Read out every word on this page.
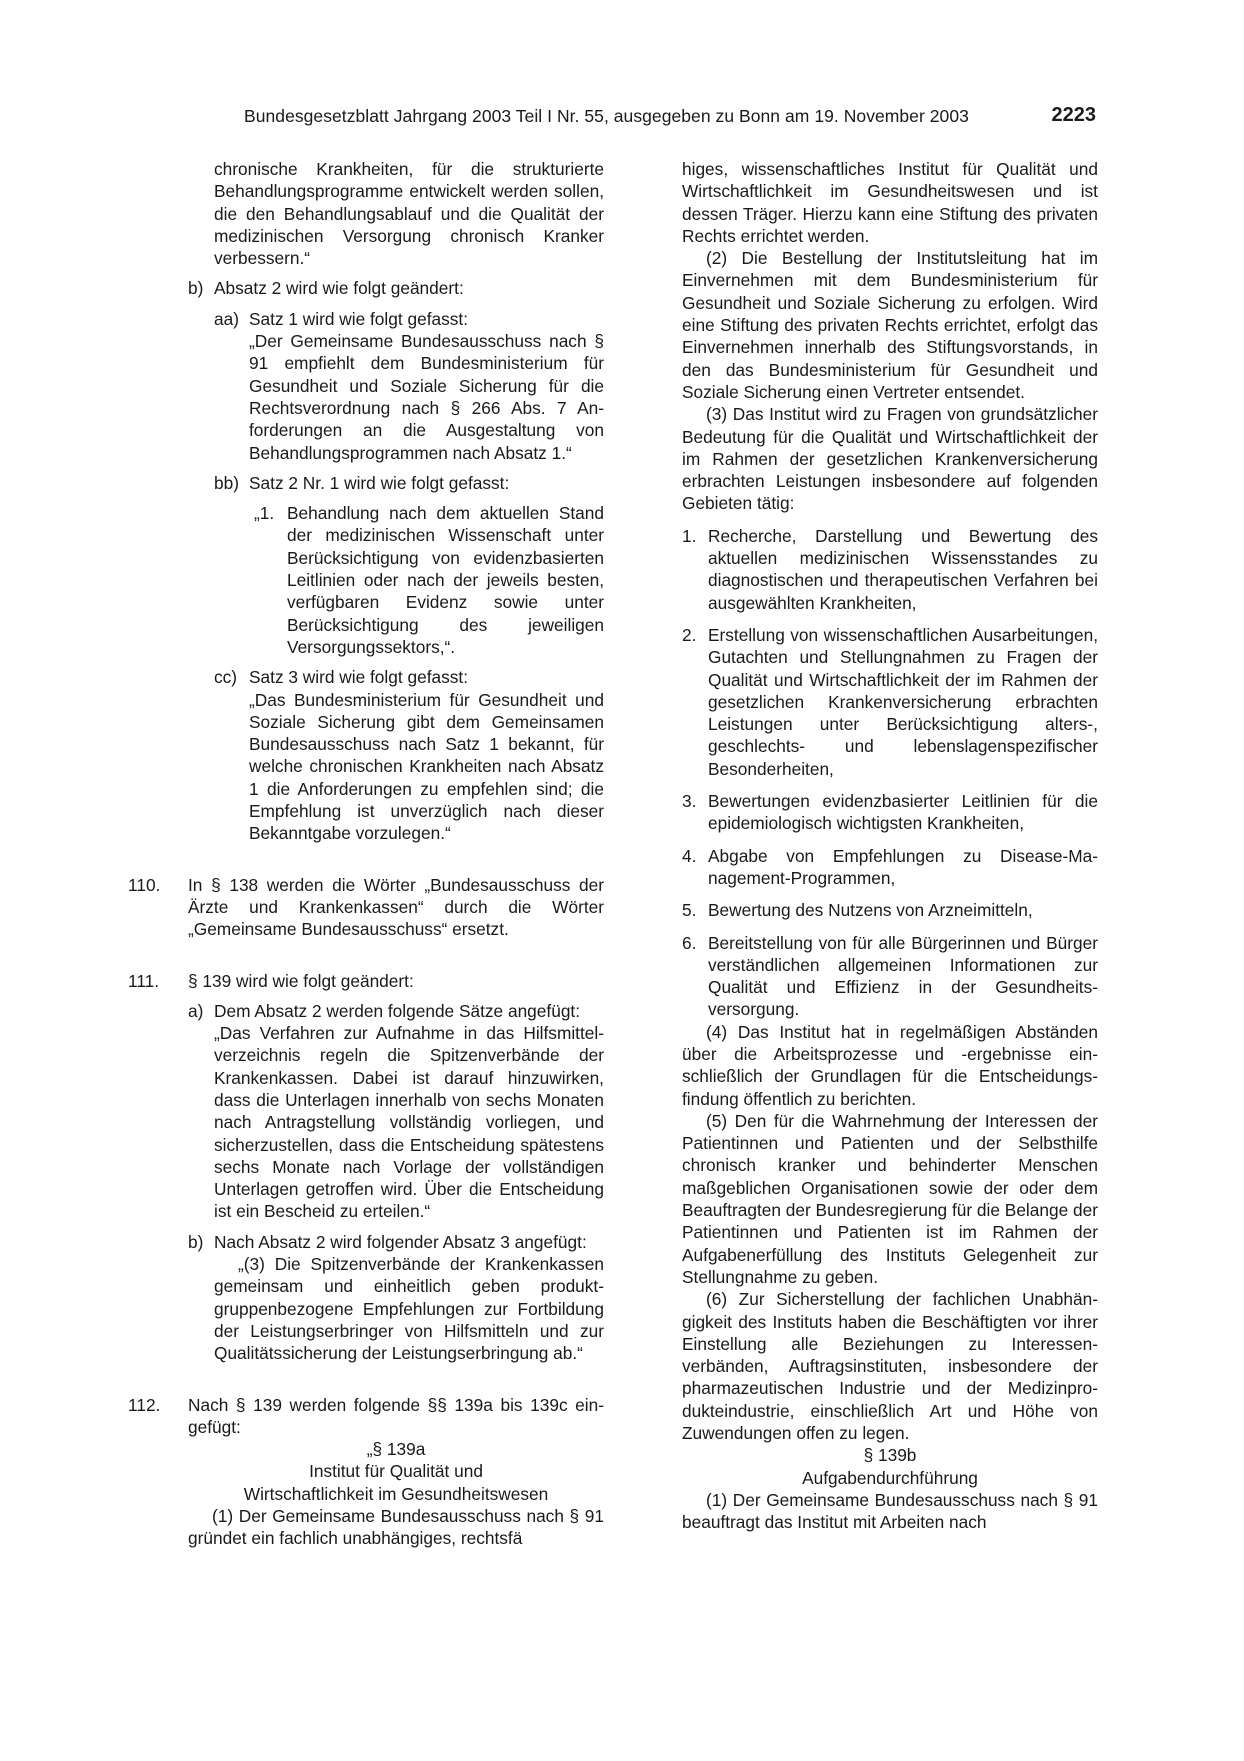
Bundesgesetzblatt Jahrgang 2003 Teil I Nr. 55, ausgegeben zu Bonn am 19. November 2003	2223

chronische Krankheiten, für die strukturierte Behandlungsprogramme entwickelt werden sollen, die den Behandlungsablauf und die Qualität der medizinischen Versorgung chronisch Kranker verbessern.“

b) Absatz 2 wird wie folgt geändert:

aa) Satz 1 wird wie folgt gefasst:

„Der Gemeinsame Bundesausschuss nach § 91 empfiehlt dem Bundesministerium für Gesundheit und Soziale Sicherung für die Rechtsverordnung nach § 266 Abs. 7 Anforderungen an die Ausgestaltung von Behandlungsprogrammen nach Absatz 1.“

bb) Satz 2 Nr. 1 wird wie folgt gefasst:

„1. Behandlung nach dem aktuellen Stand der medizinischen Wissenschaft unter Berücksichtigung von evidenzbasierten Leitlinien oder nach der jeweils besten, verfügbaren Evidenz sowie unter Berücksichtigung des jeweiligen Versorgungssektors,“.

cc) Satz 3 wird wie folgt gefasst:

„Das Bundesministerium für Gesundheit und Soziale Sicherung gibt dem Gemeinsamen Bundesausschuss nach Satz 1 bekannt, für welche chronischen Krankheiten nach Absatz 1 die Anforderungen zu empfehlen sind; die Empfehlung ist unverzüglich nach dieser Bekanntgabe vorzulegen.“

110. In § 138 werden die Wörter „Bundesausschuss der Ärzte und Krankenkassen“ durch die Wörter „Gemeinsame Bundesausschuss“ ersetzt.

111. § 139 wird wie folgt geändert:

a) Dem Absatz 2 werden folgende Sätze angefügt:

„Das Verfahren zur Aufnahme in das Hilfsmittelverzeichnis regeln die Spitzenverbände der Krankenkassen. Dabei ist darauf hinzuwirken, dass die Unterlagen innerhalb von sechs Monaten nach Antragstellung vollständig vorliegen, und sicherzustellen, dass die Entscheidung spätestens sechs Monate nach Vorlage der vollständigen Unterlagen getroffen wird. Über die Entscheidung ist ein Bescheid zu erteilen.“

b) Nach Absatz 2 wird folgender Absatz 3 angefügt:

„(3) Die Spitzenverbände der Krankenkassen gemeinsam und einheitlich geben produktgruppenbezogene Empfehlungen zur Fortbildung der Leistungserbringer von Hilfsmitteln und zur Qualitätssicherung der Leistungserbringung ab.“

112. Nach § 139 werden folgende §§ 139a bis 139c eingefügt:

„§ 139a

Institut für Qualität und
Wirtschaftlichkeit im Gesundheitswesen

(1) Der Gemeinsame Bundesausschuss nach § 91 gründet ein fachlich unabhängiges, rechtsfä

higes, wissenschaftliches Institut für Qualität und Wirtschaftlichkeit im Gesundheitswesen und ist dessen Träger. Hierzu kann eine Stiftung des privaten Rechts errichtet werden.

(2) Die Bestellung der Institutsleitung hat im Einvernehmen mit dem Bundesministerium für Gesundheit und Soziale Sicherung zu erfolgen. Wird eine Stiftung des privaten Rechts errichtet, erfolgt das Einvernehmen innerhalb des Stiftungsvorstands, in den das Bundesministerium für Gesundheit und Soziale Sicherung einen Vertreter entsendet.

(3) Das Institut wird zu Fragen von grundsätzlicher Bedeutung für die Qualität und Wirtschaftlichkeit der im Rahmen der gesetzlichen Krankenversicherung erbrachten Leistungen insbesondere auf folgenden Gebieten tätig:

1. Recherche, Darstellung und Bewertung des aktuellen medizinischen Wissensstandes zu diagnostischen und therapeutischen Verfahren bei ausgewählten Krankheiten,

2. Erstellung von wissenschaftlichen Ausarbeitungen, Gutachten und Stellungnahmen zu Fragen der Qualität und Wirtschaftlichkeit der im Rahmen der gesetzlichen Krankenversicherung erbrachten Leistungen unter Berücksichtigung alters-, geschlechts- und lebenslagenspezifischer Besonderheiten,

3. Bewertungen evidenzbasierter Leitlinien für die epidemiologisch wichtigsten Krankheiten,

4. Abgabe von Empfehlungen zu Disease-Management-Programmen,

5. Bewertung des Nutzens von Arzneimitteln,

6. Bereitstellung von für alle Bürgerinnen und Bürger verständlichen allgemeinen Informationen zur Qualität und Effizienz in der Gesundheitsversorgung.

(4) Das Institut hat in regelmäßigen Abständen über die Arbeitsprozesse und -ergebnisse einschließlich der Grundlagen für die Entscheidungsfindung öffentlich zu berichten.

(5) Den für die Wahrnehmung der Interessen der Patientinnen und Patienten und der Selbsthilfe chronisch kranker und behinderter Menschen maßgeblichen Organisationen sowie der oder dem Beauftragten der Bundesregierung für die Belange der Patientinnen und Patienten ist im Rahmen der Aufgabenerfüllung des Instituts Gelegenheit zur Stellungnahme zu geben.

(6) Zur Sicherstellung der fachlichen Unabhängigkeit des Instituts haben die Beschäftigten vor ihrer Einstellung alle Beziehungen zu Interessenverbänden, Auftragsinstituten, insbesondere der pharmazeutischen Industrie und der Medizinprodukteindustrie, einschließlich Art und Höhe von Zuwendungen offen zu legen.

§ 139b

Aufgabendurchführung

(1) Der Gemeinsame Bundesausschuss nach § 91 beauftragt das Institut mit Arbeiten nach
